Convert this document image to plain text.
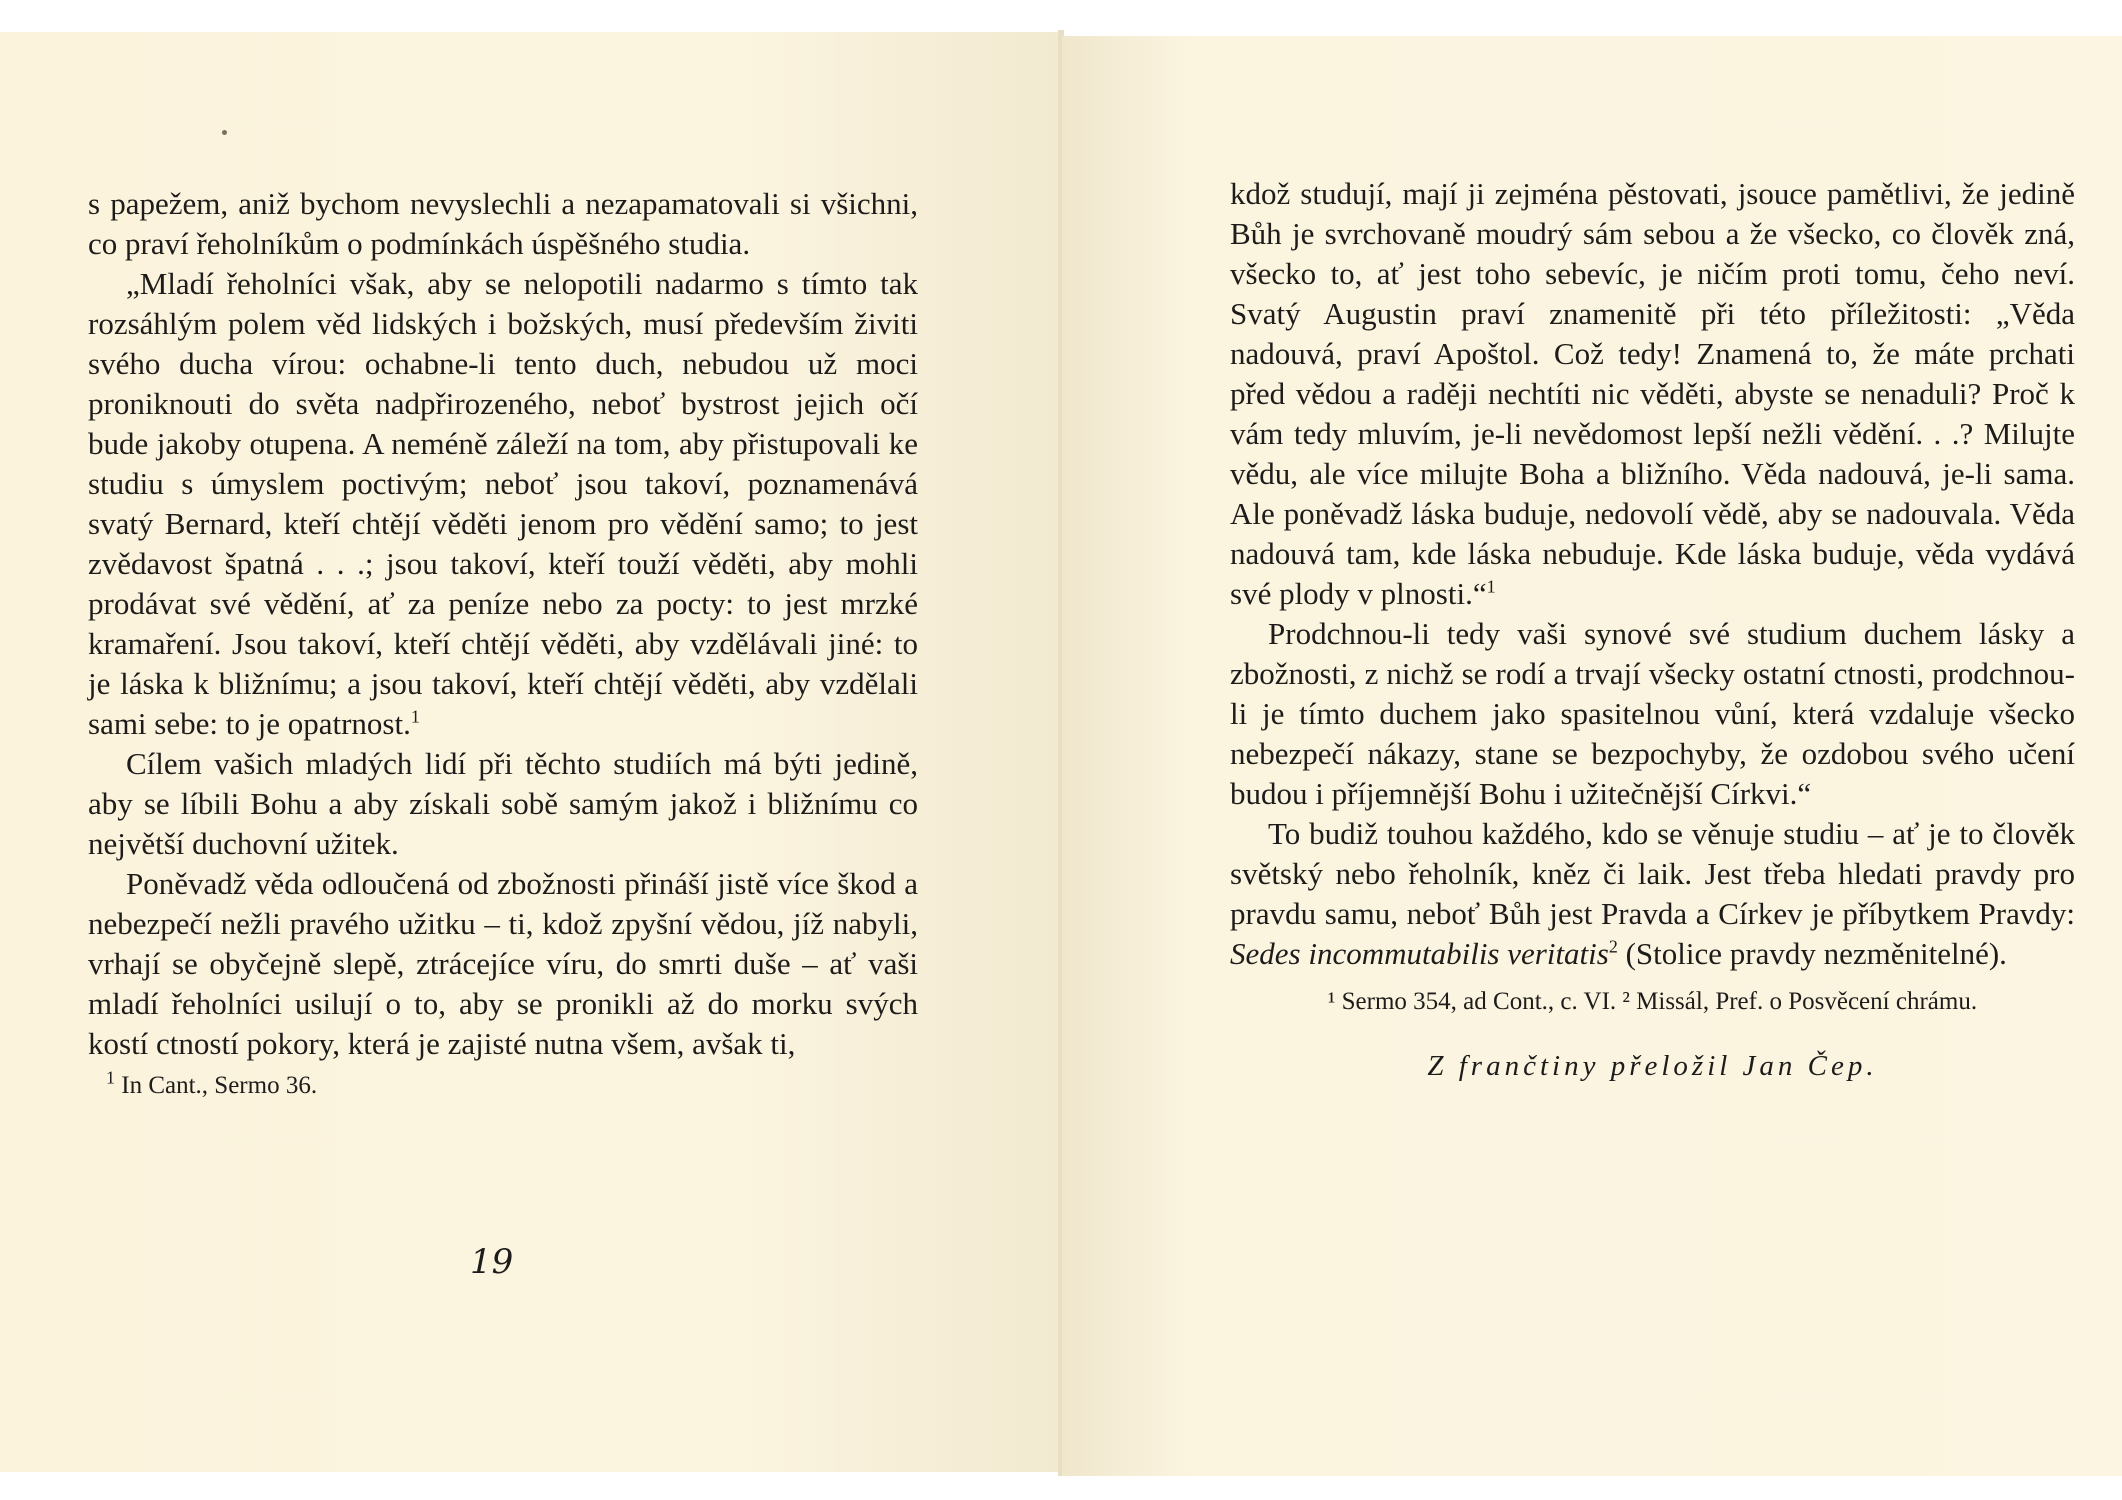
s papežem, aniž bychom nevyslechli a nezapamatovali si všichni, co praví řeholníkům o podmínkách úspěšného studia.

„Mladí řeholníci však, aby se nelopotili nadarmo s tímto tak rozsáhlým polem věd lidských i božských, musí především živiti svého ducha vírou: ochabne-li tento duch, nebudou už moci proniknouti do světa nadpřirozeného, neboť bystrost jejich očí bude jakoby otupena. A neméně záleží na tom, aby přistupovali ke studiu s úmyslem poctivým; neboť jsou takoví, poznamenává svatý Bernard, kteří chtějí věděti jenom pro vědění samo; to jest zvědavost špatná . . .; jsou takoví, kteří touží věděti, aby mohli prodávat své vědění, ať za peníze nebo za pocty: to jest mrzké kramaření. Jsou takoví, kteří chtějí věděti, aby vzdělávali jiné: to je láska k bližnímu; a jsou takoví, kteří chtějí věděti, aby vzdělali sami sebe: to je opatrnost.$^1$

Cílem vašich mladých lidí při těchto studiích má býti jedině, aby se líbili Bohu a aby získali sobě samým jakož i bližnímu co největší duchovní užitek.

Poněvadž věda odloučená od zbožnosti přináší jistě více škod a nebezpečí nežli pravého užitku – ti, kdož zpyšní vědou, jíž nabyli, vrhají se obyčejně slepě, ztrácejíce víru, do smrti duše – ať vaši mladí řeholníci usilují o to, aby se pronikli až do morku svých kostí ctností pokory, která je zajisté nutna všem, avšak ti,

$^1$ In Cant., Sermo 36.
19

kdož studují, mají ji zejména pěstovati, jsouce pamětlivi, že jedině Bůh je svrchovaně moudrý sám sebou a že všecko, co člověk zná, všecko to, ať jest toho sebevíc, je ničím proti tomu, čeho neví. Svatý Augustin praví znamenitě při této příležitosti: „Věda nadouvá, praví Apoštol. Což tedy! Znamená to, že máte prchati před vědou a raději nechtíti nic věděti, abyste se nenaduli? Proč k vám tedy mluvím, je-li nevědomost lepší nežli vědění. . .? Milujte vědu, ale více milujte Boha a bližního. Věda nadouvá, je-li sama. Ale poněvadž láska buduje, nedovolí vědě, aby se nadouvala. Věda nadouvá tam, kde láska nebuduje. Kde láska buduje, věda vydává své plody v plnosti.“$^1$

Prodchnou-li tedy vaši synové své studium duchem lásky a zbožnosti, z nichž se rodí a trvají všecky ostatní ctnosti, prodchnou-li je tímto duchem jako spasitelnou vůní, která vzdaluje všecko nebezpečí nákazy, stane se bezpochyby, že ozdobou svého učení budou i příjemnější Bohu i užitečnější Církvi.“

To budiž touhou každého, kdo se věnuje studiu – ať je to člověk světský nebo řeholník, kněz či laik. Jest třeba hledati pravdy pro pravdu samu, neboť Bůh jest Pravda a Církev je příbytkem Pravdy: Sedes incommutabilis veritatis$^2$ (Stolice pravdy nezměnitelné).

¹ Sermo 354, ad Cont., c. VI. ² Missál, Pref. o Posvěcení chrámu.
Z frančtiny přeložil Jan Čep.
